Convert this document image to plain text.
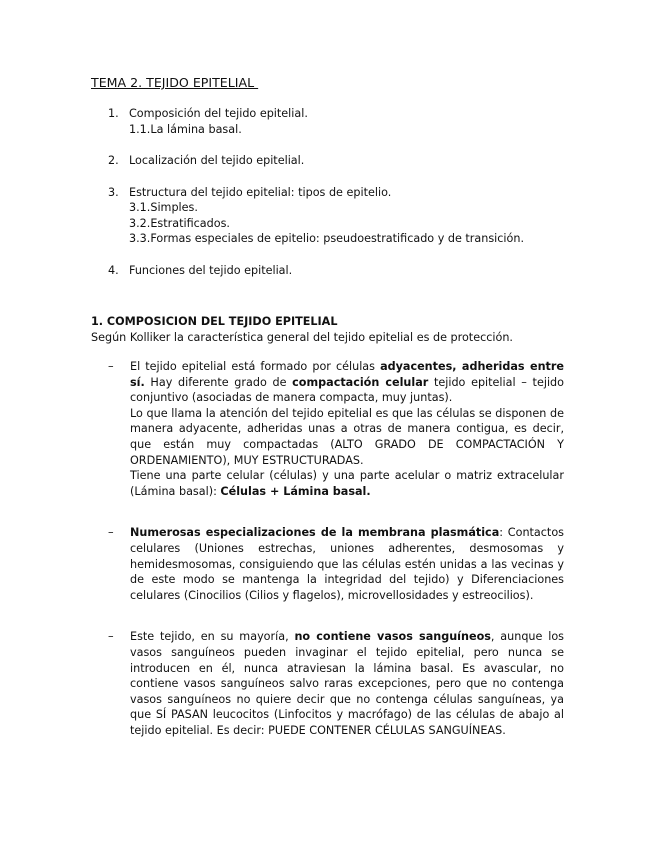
TEMA 2. TEJIDO EPITELIAL
1. Composición del tejido epitelial.
1.1.La lámina basal.
2. Localización del tejido epitelial.
3. Estructura del tejido epitelial: tipos de epitelio.
3.1.Simples.
3.2.Estratificados.
3.3.Formas especiales de epitelio: pseudoestratificado y de transición.
4. Funciones del tejido epitelial.
1. COMPOSICION DEL TEJIDO EPITELIAL
Según Kolliker la característica general del tejido epitelial es de protección.
– El tejido epitelial está formado por células adyacentes, adheridas entre sí. Hay diferente grado de compactación celular tejido epitelial – tejido conjuntivo (asociadas de manera compacta, muy juntas).

Lo que llama la atención del tejido epitelial es que las células se disponen de manera adyacente, adheridas unas a otras de manera contigua, es decir, que están muy compactadas (ALTO GRADO DE COMPACTACIÓN Y ORDENAMIENTO), MUY ESTRUCTURADAS.

Tiene una parte celular (células) y una parte acelular o matriz extracelular (Lámina basal): Células + Lámina basal.

– Numerosas especializaciones de la membrana plasmática: Contactos celulares (Uniones estrechas, uniones adherentes, desmosomas y hemidesmosomas, consiguiendo que las células estén unidas a las vecinas y de este modo se mantenga la integridad del tejido) y Diferenciaciones celulares (Cinocilios (Cilios y flagelos), microvellosidades y estreocilios).

– Este tejido, en su mayoría, no contiene vasos sanguíneos, aunque los vasos sanguíneos pueden invaginar el tejido epitelial, pero nunca se introducen en él, nunca atraviesan la lámina basal. Es avascular, no contiene vasos sanguíneos salvo raras excepciones, pero que no contenga vasos sanguíneos no quiere decir que no contenga células sanguíneas, ya que SÍ PASAN leucocitos (Linfocitos y macrófago) de las células de abajo al tejido epitelial. Es decir: PUEDE CONTENER CÉLULAS SANGUÍNEAS.
